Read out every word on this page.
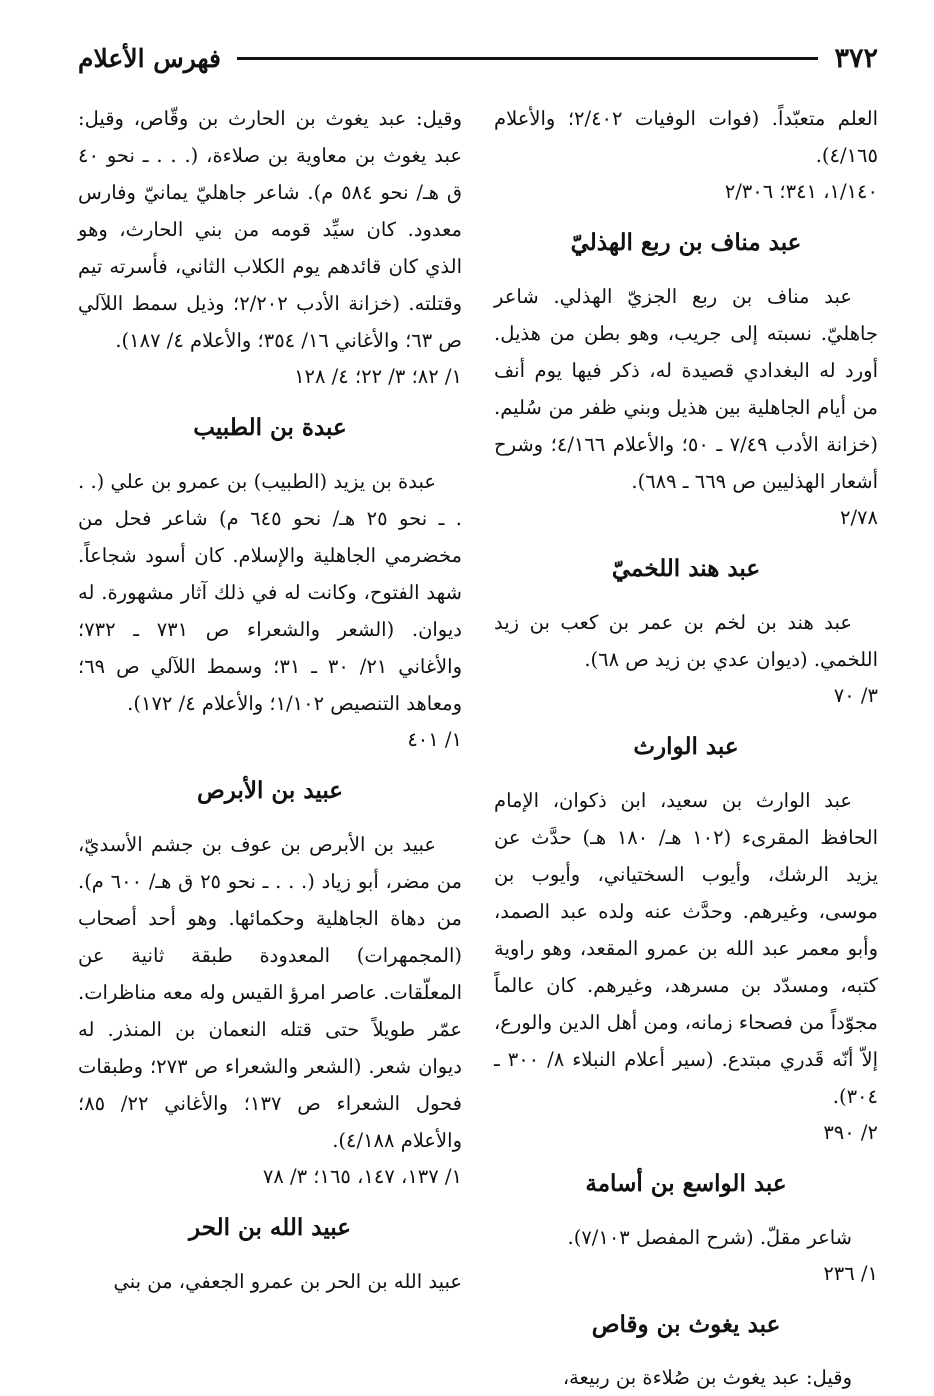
٣٧٢
فهرس الأعلام

العلم متعبّداً. (فوات الوفيات ٢/٤٠٢؛ والأعلام ٤/١٦٥).

١/١٤٠، ٣٤١؛ ٢/٣٠٦

عبد مناف بن ربع الهذليّ

عبد مناف بن ربع الجزيّ الهذلي. شاعر جاهليّ. نسبته إلى جريب، وهو بطن من هذيل. أورد له البغدادي قصيدة له، ذكر فيها يوم أنف من أيام الجاهلية بين هذيل وبني ظفر من سُليم. (خزانة الأدب ٧/٤٩ ـ ٥٠؛ والأعلام ٤/١٦٦؛ وشرح أشعار الهذليين ص ٦٦٩ ـ ٦٨٩).

٢/٧٨

عبد هند اللخميّ

عبد هند بن لخم بن عمر بن كعب بن زيد اللخمي. (ديوان عدي بن زيد ص ٦٨).

٣/ ٧٠

عبد الوارث

عبد الوارث بن سعيد، ابن ذكوان، الإمام الحافظ المقرىء (١٠٢ هـ/ ١٨٠ هـ) حدَّث عن يزيد الرشك، وأيوب السختياني، وأيوب بن موسى، وغيرهم. وحدَّث عنه ولده عبد الصمد، وأبو معمر عبد الله بن عمرو المقعد، وهو راوية كتبه، ومسدّد بن مسرهد، وغيرهم. كان عالماً مجوّداً من فصحاء زمانه، ومن أهل الدين والورع، إلاّ أنّه قَدري مبتدع. (سير أعلام النبلاء ٨/ ٣٠٠ ـ ٣٠٤).

٢/ ٣٩٠

عبد الواسع بن أسامة

شاعر مقلّ. (شرح المفصل ٧/١٠٣).

١/ ٢٣٦

عبد يغوث بن وقاص

وقيل: عبد يغوث بن صُلاءة بن ربيعة،

وقيل: عبد يغوث بن الحارث بن وقّاص، وقيل: عبد يغوث بن معاوية بن صلاءة، (. . . ـ نحو ٤٠ ق هـ/ نحو ٥٨٤ م). شاعر جاهليّ يمانيّ وفارس معدود. كان سيِّد قومه من بني الحارث، وهو الذي كان قائدهم يوم الكلاب الثاني، فأسرته تيم وقتلته. (خزانة الأدب ٢/٢٠٢؛ وذيل سمط اللآلي ص ٦٣؛ والأغاني ١٦/ ٣٥٤؛ والأعلام ٤/ ١٨٧).

١/ ٨٢؛ ٣/ ٢٢؛ ٤/ ١٢٨

عبدة بن الطبيب

عبدة بن يزيد (الطبيب) بن عمرو بن علي (. . . ـ نحو ٢٥ هـ/ نحو ٦٤٥ م) شاعر فحل من مخضرمي الجاهلية والإسلام. كان أسود شجاعاً. شهد الفتوح، وكانت له في ذلك آثار مشهورة. له ديوان. (الشعر والشعراء ص ٧٣١ ـ ٧٣٢؛ والأغاني ٢١/ ٣٠ ـ ٣١؛ وسمط اللآلي ص ٦٩؛ ومعاهد التنصيص ١/١٠٢؛ والأعلام ٤/ ١٧٢).

١/ ٤٠١

عبيد بن الأبرص

عبيد بن الأبرص بن عوف بن جشم الأسديّ، من مضر، أبو زياد (. . . ـ نحو ٢٥ ق هـ/ ٦٠٠ م). من دهاة الجاهلية وحكمائها. وهو أحد أصحاب (المجمهرات) المعدودة طبقة ثانية عن المعلّقات. عاصر امرؤ القيس وله معه مناظرات. عمّر طويلاً حتى قتله النعمان بن المنذر. له ديوان شعر. (الشعر والشعراء ص ٢٧٣؛ وطبقات فحول الشعراء ص ١٣٧؛ والأغاني ٢٢/ ٨٥؛ والأعلام ٤/١٨٨).

١/ ١٣٧، ١٤٧، ١٦٥؛ ٣/ ٧٨

عبيد الله بن الحر

عبيد الله بن الحر بن عمرو الجعفي، من بني
